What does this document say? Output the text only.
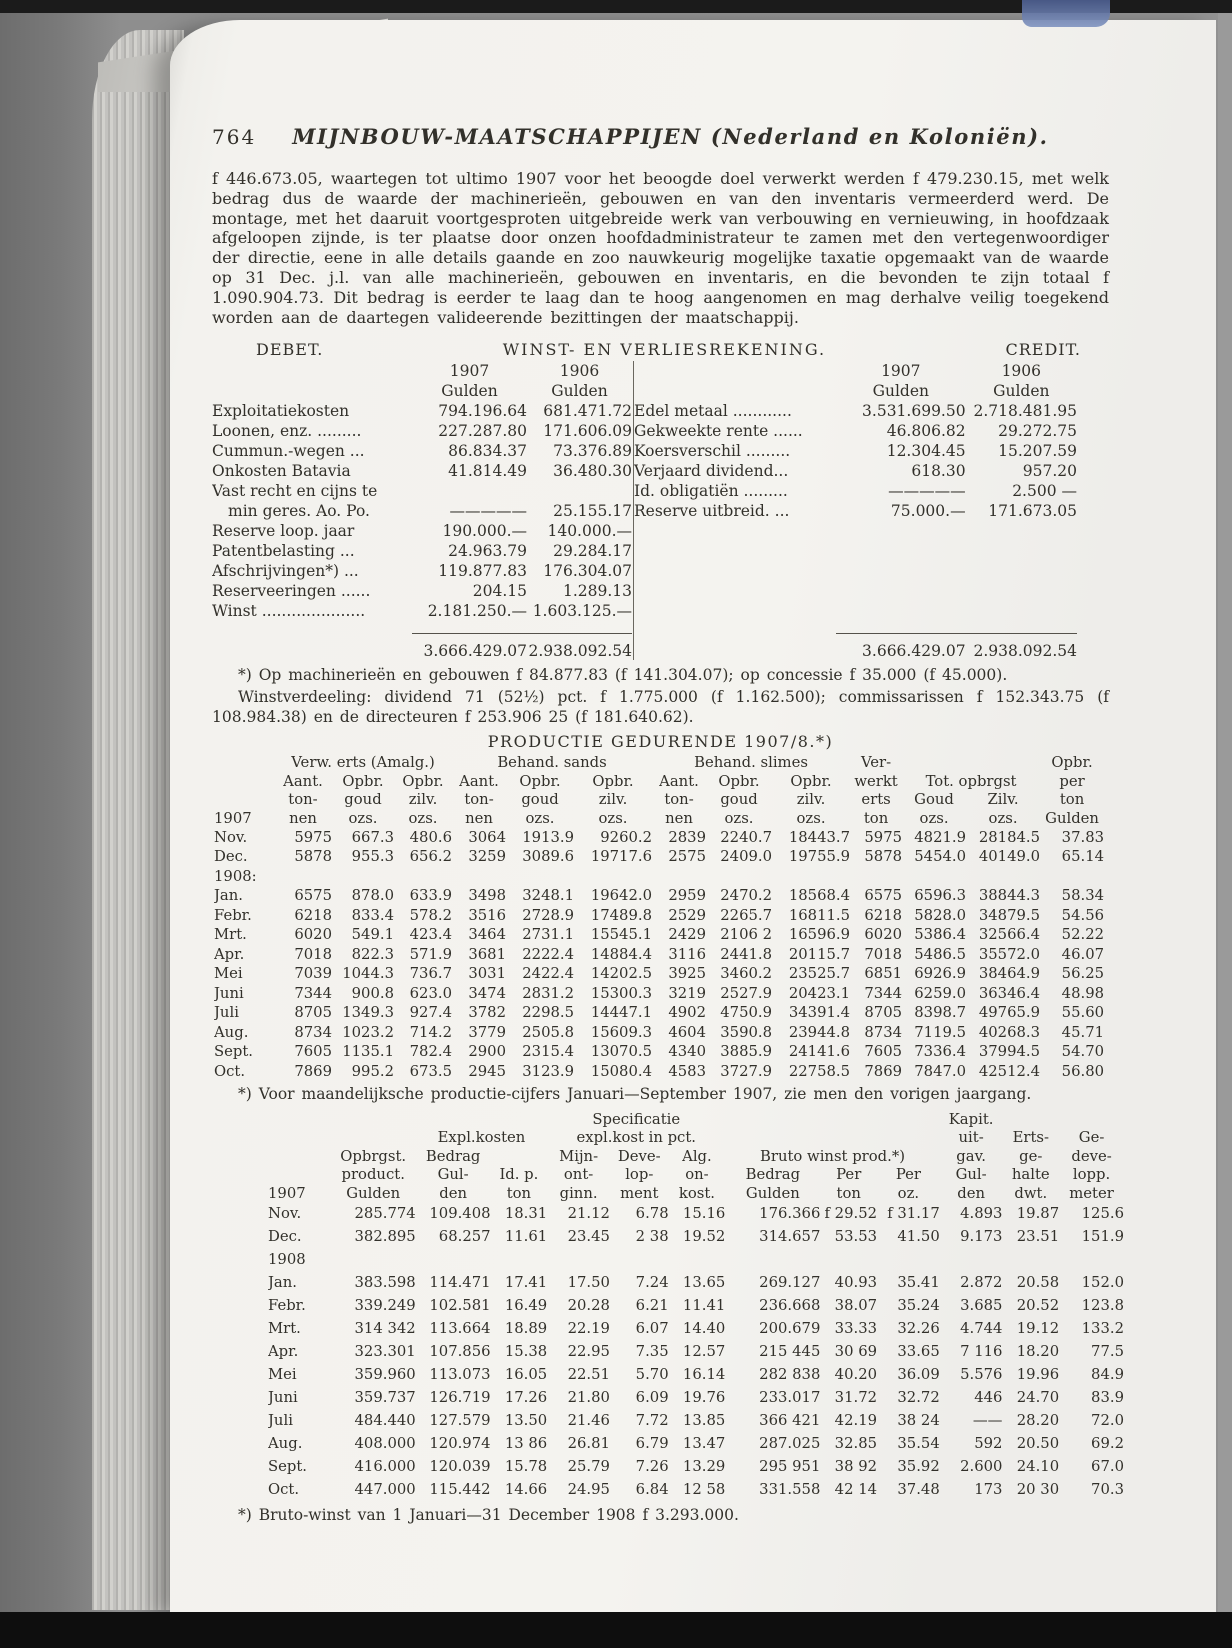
764 MIJNBOUW-MAATSCHAPPIJEN (Nederland en Koloniën).
f 446.673.05, waartegen tot ultimo 1907 voor het beoogde doel verwerkt werden f 479.230.15, met welk bedrag dus de waarde der machinerieën, gebouwen en van den inventaris vermeerderd werd. De montage, met het daaruit voortgesproten uitgebreide werk van verbouwing en vernieuwing, in hoofdzaak afgeloopen zijnde, is ter plaatse door onzen hoofdadministrateur te zamen met den vertegenwoordiger der directie, eene in alle details gaande en zoo nauwkeurig mogelijke taxatie opgemaakt van de waarde op 31 Dec. j.l. van alle machinerieën, gebouwen en inventaris, en die bevonden te zijn totaal f 1.090.904.73. Dit bedrag is eerder te laag dan te hoog aangenomen en mag derhalve veilig toegekend worden aan de daartegen valideerende bezittingen der maatschappij.
DEBET.	WINST- EN VERLIESREKENING.	CREDIT.
	1907	1906
	Gulden	Gulden
Exploitatiekosten	794.196.64	681.471.72
Loonen, enz. .........	227.287.80	171.606.09
Cummun.-wegen ...	86.834.37	73.376.89
Onkosten Batavia	41.814.49	36.480.30
Vast recht en cijns te		
min geres. Ao. Po.	—————	25.155.17
Reserve loop. jaar	190.000.—	140.000.—
Patentbelasting ...	24.963.79	29.284.17
Afschrijvingen*) ...	119.877.83	176.304.07
Reserveeringen ......	204.15	1.289.13
Winst .....................	2.181.250.—	1.603.125.—

	3.666.429.07	2.938.092.54
	1907	1906
	Gulden	Gulden
Edel metaal ............	3.531.699.50	2.718.481.95
Gekweekte rente ......	46.806.82	29.272.75
Koersverschil .........	12.304.45	15.207.59
Verjaard dividend...	618.30	957.20
Id. obligatiën .........	—————	2.500 —
Reserve uitbreid. ...	75.000.—	171.673.05

	3.666.429.07	2.938.092.54
*) Op machinerieën en gebouwen f 84.877.83 (f 141.304.07); op concessie f 35.000 (f 45.000).
Winstverdeeling: dividend 71 (52½) pct. f 1.775.000 (f 1.162.500); commissarissen f 152.343.75 (f 108.984.38) en de directeuren f 253.906 25 (f 181.640.62).
PRODUCTIE GEDURENDE 1907/8.*)
	Verw. erts (Amalg.)			Behand. sands			Behand. slimes			Ver-			Opbr.
	Aant.	Opbr.	Opbr.	Aant.	Opbr.	Opbr.	Aant.	Opbr.	Opbr.	werkt	Tot. opbrgst		per
	ton-	goud	zilv.	ton-	goud	zilv.	ton-	goud	zilv.	erts	Goud	Zilv.	ton
1907	nen	ozs.	ozs.	nen	ozs.	ozs.	nen	ozs.	ozs.	ton	ozs.	ozs.	Gulden
Nov.	5975	667.3	480.6	3064	1913.9	9260.2	2839	2240.7	18443.7	5975	4821.9	28184.5	37.83
Dec.	5878	955.3	656.2	3259	3089.6	19717.6	2575	2409.0	19755.9	5878	5454.0	40149.0	65.14
1908:													
Jan.	6575	878.0	633.9	3498	3248.1	19642.0	2959	2470.2	18568.4	6575	6596.3	38844.3	58.34
Febr.	6218	833.4	578.2	3516	2728.9	17489.8	2529	2265.7	16811.5	6218	5828.0	34879.5	54.56
Mrt.	6020	549.1	423.4	3464	2731.1	15545.1	2429	2106 2	16596.9	6020	5386.4	32566.4	52.22
Apr.	7018	822.3	571.9	3681	2222.4	14884.4	3116	2441.8	20115.7	7018	5486.5	35572.0	46.07
Mei	7039	1044.3	736.7	3031	2422.4	14202.5	3925	3460.2	23525.7	6851	6926.9	38464.9	56.25
Juni	7344	900.8	623.0	3474	2831.2	15300.3	3219	2527.9	20423.1	7344	6259.0	36346.4	48.98
Juli	8705	1349.3	927.4	3782	2298.5	14447.1	4902	4750.9	34391.4	8705	8398.7	49765.9	55.60
Aug.	8734	1023.2	714.2	3779	2505.8	15609.3	4604	3590.8	23944.8	8734	7119.5	40268.3	45.71
Sept.	7605	1135.1	782.4	2900	2315.4	13070.5	4340	3885.9	24141.6	7605	7336.4	37994.5	54.70
Oct.	7869	995.2	673.5	2945	3123.9	15080.4	4583	3727.9	22758.5	7869	7847.0	42512.4	56.80
*) Voor maandelijksche productie-cijfers Januari—September 1907, zie men den vorigen jaargang.
				Specificatie						Kapit.		
		Expl.kosten		expl.kost in pct.						uit-	Erts-	Ge-
	Opbrgst.	Bedrag		Mijn-	Deve-	Alg.	Bruto winst prod.*)			gav.	ge-	deve-
	product.	Gul-	Id. p.	ont-	lop-	on-	Bedrag	Per	Per	Gul-	halte	lopp.
1907	Gulden	den	ton	ginn.	ment	kost.	Gulden	ton	oz.	den	dwt.	meter
Nov.	285.774	109.408	18.31	21.12	6.78	15.16	176.366	f 29.52	f 31.17	4.893	19.87	125.6
Dec.	382.895	68.257	11.61	23.45	2 38	19.52	314.657	53.53	41.50	9.173	23.51	151.9
1908												
Jan.	383.598	114.471	17.41	17.50	7.24	13.65	269.127	40.93	35.41	2.872	20.58	152.0
Febr.	339.249	102.581	16.49	20.28	6.21	11.41	236.668	38.07	35.24	3.685	20.52	123.8
Mrt.	314 342	113.664	18.89	22.19	6.07	14.40	200.679	33.33	32.26	4.744	19.12	133.2
Apr.	323.301	107.856	15.38	22.95	7.35	12.57	215 445	30 69	33.65	7 116	18.20	77.5
Mei	359.960	113.073	16.05	22.51	5.70	16.14	282 838	40.20	36.09	5.576	19.96	84.9
Juni	359.737	126.719	17.26	21.80	6.09	19.76	233.017	31.72	32.72	446	24.70	83.9
Juli	484.440	127.579	13.50	21.46	7.72	13.85	366 421	42.19	38 24	——	28.20	72.0
Aug.	408.000	120.974	13 86	26.81	6.79	13.47	287.025	32.85	35.54	592	20.50	69.2
Sept.	416.000	120.039	15.78	25.79	7.26	13.29	295 951	38 92	35.92	2.600	24.10	67.0
Oct.	447.000	115.442	14.66	24.95	6.84	12 58	331.558	42 14	37.48	173	20 30	70.3
*) Bruto-winst van 1 Januari—31 December 1908 f 3.293.000.
